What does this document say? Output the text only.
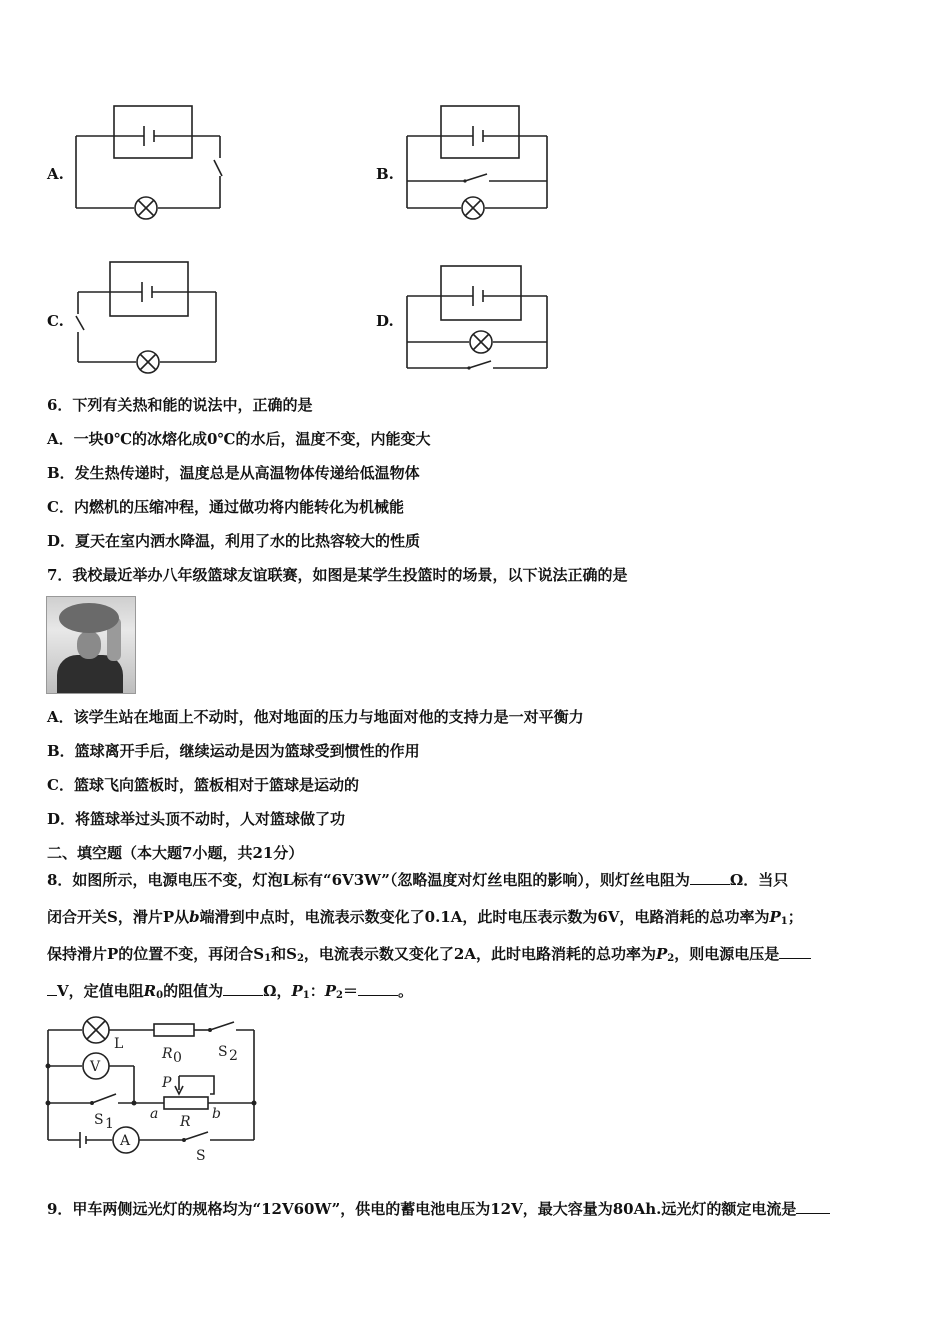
A.	B.
C.	D.
6．下列有关热和能的说法中，正确的是
A．一块0℃的冰熔化成0℃的水后，温度不变，内能变大
B．发生热传递时，温度总是从高温物体传递给低温物体
C．内燃机的压缩冲程，通过做功将内能转化为机械能
D．夏天在室内洒水降温，利用了水的比热容较大的性质
7．我校最近举办八年级篮球友谊联赛，如图是某学生投篮时的场景，以下说法正确的是
A．该学生站在地面上不动时，他对地面的压力与地面对他的支持力是一对平衡力
B．篮球离开手后，继续运动是因为篮球受到惯性的作用
C．篮球飞向篮板时，篮板相对于篮球是运动的
D．将篮球举过头顶不动时，人对篮球做了功
二、填空题（本大题7小题，共21分）
8．如图所示，电源电压不变，灯泡L标有“6V3W”（忽略温度对灯丝电阻的影响），则灯丝电阻为	Ω．当只
闭合开关S，滑片P从b端滑到中点时，电流表示数变化了0.1A，此时电压表示数为6V，电路消耗的总功率为$P_1$；
保持滑片P的位置不变，再闭合$S_1$和$S_2$，电流表示数又变化了2A，此时电路消耗的总功率为$P_2$，则电源电压是
V，定值电阻$R_0$的阻值为	Ω，$P_1$：$P_2=$	。
L
R 0	S 2
V
P
a	b
R
S 1
A
S
9．甲车两侧远光灯的规格均为“12V60W”，供电的蓄电池电压为12V，最大容量为80Ah.远光灯的额定电流是
